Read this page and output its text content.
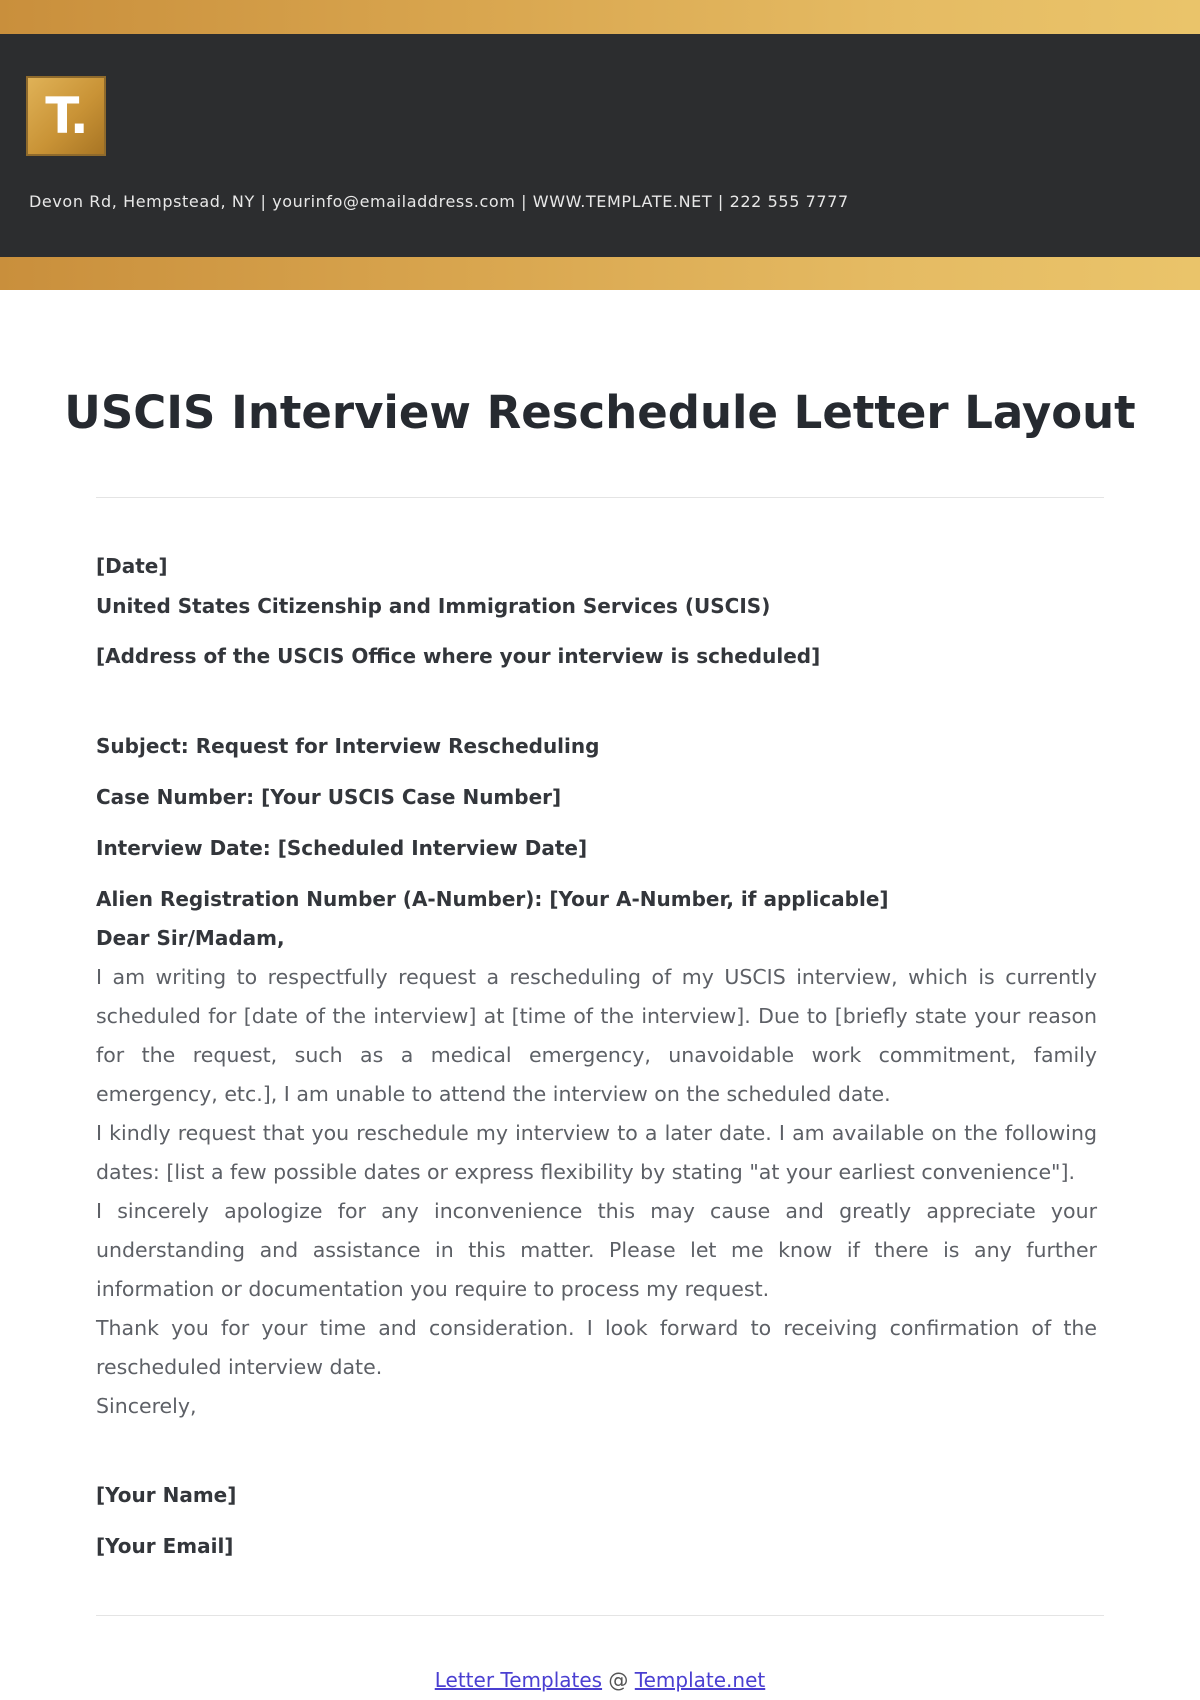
T.
Devon Rd, Hempstead, NY | yourinfo@emailaddress.com | WWW.TEMPLATE.NET | 222 555 7777
USCIS Interview Reschedule Letter Layout
[Date]
United States Citizenship and Immigration Services (USCIS)
[Address of the USCIS Office where your interview is scheduled]
Subject: Request for Interview Rescheduling
Case Number: [Your USCIS Case Number]
Interview Date: [Scheduled Interview Date]
Alien Registration Number (A-Number): [Your A-Number, if applicable]
Dear Sir/Madam,

I am writing to respectfully request a rescheduling of my USCIS interview, which is currently scheduled for [date of the interview] at [time of the interview]. Due to [briefly state your reason for the request, such as a medical emergency, unavoidable work commitment, family emergency, etc.], I am unable to attend the interview on the scheduled date.

I kindly request that you reschedule my interview to a later date. I am available on the following dates: [list a few possible dates or express flexibility by stating "at your earliest convenience"].

I sincerely apologize for any inconvenience this may cause and greatly appreciate your understanding and assistance in this matter. Please let me know if there is any further information or documentation you require to process my request.

Thank you for your time and consideration. I look forward to receiving confirmation of the rescheduled interview date.

Sincerely,
[Your Name]
[Your Email]
Letter Templates @ Template.net
